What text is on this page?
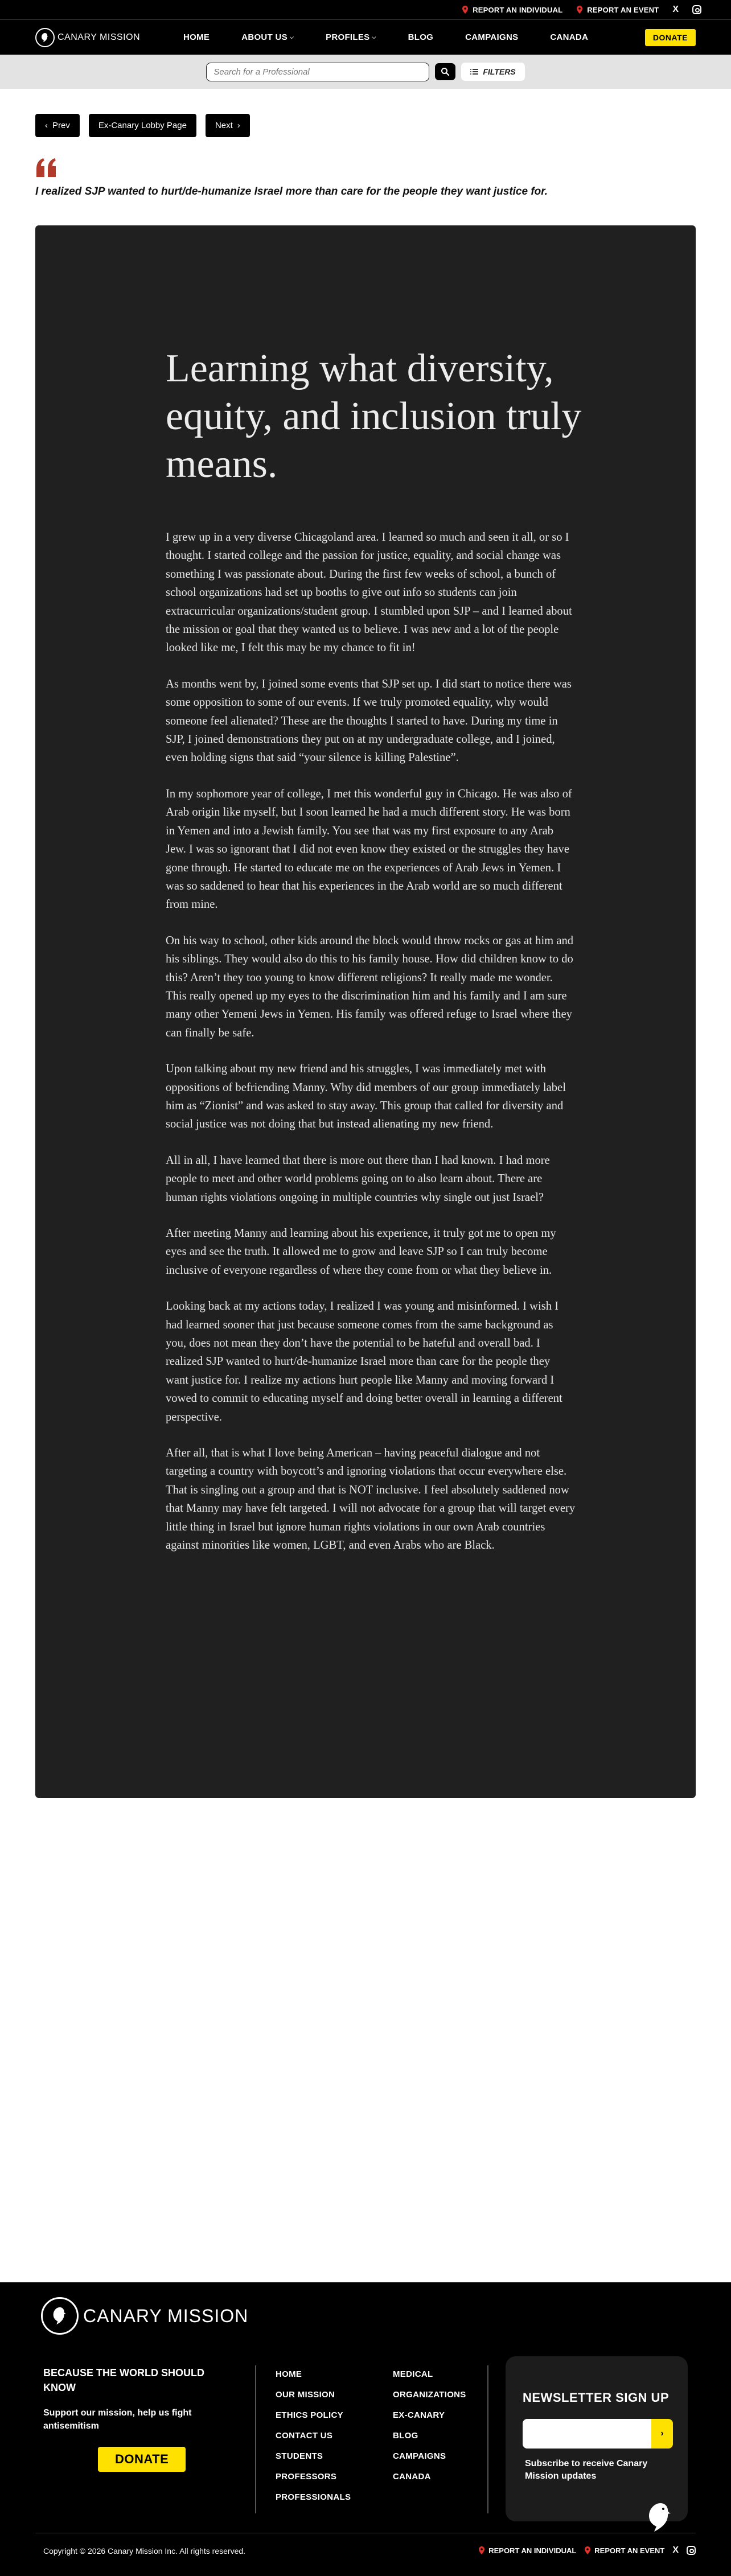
REPORT AN INDIVIDUAL	REPORT AN EVENT X
CANARY MISSION	HOME	ABOUT US ⌵	PROFILES ⌵	BLOG	CAMPAIGNS	CANADA	DONATE
Search for a Professional
FILTERS
‹ Prev	Ex-Canary Lobby Page	Next ›
I realized SJP wanted to hurt/de-humanize Israel more than care for the people they want justice for.
Learning what diversity, equity, and inclusion truly means.

I grew up in a very diverse Chicagoland area. I learned so much and seen it all, or so I thought. I started college and the passion for justice, equality, and social change was something I was passionate about. During the first few weeks of school, a bunch of school organizations had set up booths to give out info so students can join extracurricular organizations/student group. I stumbled upon SJP – and I learned about the mission or goal that they wanted us to believe. I was new and a lot of the people looked like me, I felt this may be my chance to fit in!

As months went by, I joined some events that SJP set up. I did start to notice there was some opposition to some of our events. If we truly promoted equality, why would someone feel alienated? These are the thoughts I started to have. During my time in SJP, I joined demonstrations they put on at my undergraduate college, and I joined, even holding signs that said “your silence is killing Palestine”.

In my sophomore year of college, I met this wonderful guy in Chicago. He was also of Arab origin like myself, but I soon learned he had a much different story. He was born in Yemen and into a Jewish family. You see that was my first exposure to any Arab Jew. I was so ignorant that I did not even know they existed or the struggles they have gone through. He started to educate me on the experiences of Arab Jews in Yemen. I was so saddened to hear that his experiences in the Arab world are so much different from mine.

On his way to school, other kids around the block would throw rocks or gas at him and his siblings. They would also do this to his family house. How did children know to do this? Aren’t they too young to know different religions? It really made me wonder. This really opened up my eyes to the discrimination him and his family and I am sure many other Yemeni Jews in Yemen. His family was offered refuge to Israel where they can finally be safe.

Upon talking about my new friend and his struggles, I was immediately met with oppositions of befriending Manny. Why did members of our group immediately label him as “Zionist” and was asked to stay away. This group that called for diversity and social justice was not doing that but instead alienating my new friend.

All in all, I have learned that there is more out there than I had known. I had more people to meet and other world problems going on to also learn about. There are human rights violations ongoing in multiple countries why single out just Israel?

After meeting Manny and learning about his experience, it truly got me to open my eyes and see the truth. It allowed me to grow and leave SJP so I can truly become inclusive of everyone regardless of where they come from or what they believe in.

Looking back at my actions today, I realized I was young and misinformed. I wish I had learned sooner that just because someone comes from the same background as you, does not mean they don’t have the potential to be hateful and overall bad. I realized SJP wanted to hurt/de-humanize Israel more than care for the people they want justice for. I realize my actions hurt people like Manny and moving forward I vowed to commit to educating myself and doing better overall in learning a different perspective.

After all, that is what I love being American – having peaceful dialogue and not targeting a country with boycott’s and ignoring violations that occur everywhere else. That is singling out a group and that is NOT inclusive. I feel absolutely saddened now that Manny may have felt targeted. I will not advocate for a group that will target every little thing in Israel but ignore human rights violations in our own Arab countries against minorities like women, LGBT, and even Arabs who are Black.

CANARY MISSION
BECAUSE THE WORLD SHOULD KNOW
Support our mission, help us fight antisemitism
DONATE
HOME
OUR MISSION
ETHICS POLICY
CONTACT US
STUDENTS
PROFESSORS
PROFESSIONALS
MEDICAL
ORGANIZATIONS
EX-CANARY
BLOG
CAMPAIGNS
CANADA
NEWSLETTER SIGN UP
›
Subscribe to receive Canary Mission updates
Copyright © 2026 Canary Mission Inc. All rights reserved.	REPORT AN INDIVIDUAL REPORT AN EVENT X
